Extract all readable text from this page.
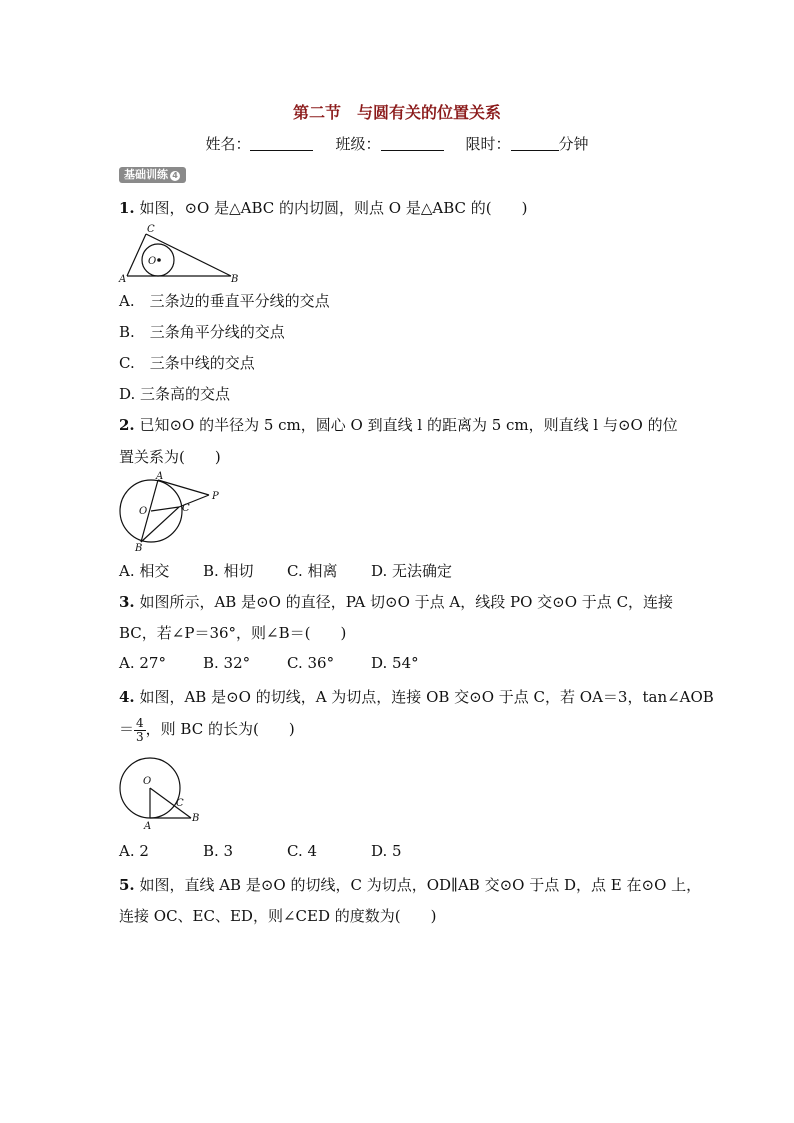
第二节　与圆有关的位置关系
姓名：	班级：	限时：	分钟
基础训练 4
1. 如图，⊙O 是△ABC 的内切圆，则点 O 是△ABC 的(　　)
C
O
A	B
A.　三条边的垂直平分线的交点
B.　三条角平分线的交点
C.　三条中线的交点
D. 三条高的交点
2. 已知⊙O 的半径为 5 cm，圆心 O 到直线 l 的距离为 5 cm，则直线 l 与⊙O 的位
置关系为(　　)
A
P
O	C
B
A. 相交 B. 相切 C. 相离 D. 无法确定
3. 如图所示，AB 是⊙O 的直径，PA 切⊙O 于点 A，线段 PO 交⊙O 于点 C，连接
BC，若∠P＝36°，则∠B＝(　　)
A. 27° B. 32° C. 36° D. 54°
4. 如图，AB 是⊙O 的切线，A 为切点，连接 OB 交⊙O 于点 C，若 OA＝3，tan∠AOB
＝ $\frac{4}{3}$ ，则 BC 的长为(　　)
O
C
A
B
A. 2	B. 3	C. 4	D. 5
5. 如图，直线 AB 是⊙O 的切线，C 为切点，OD∥AB 交⊙O 于点 D，点 E 在⊙O 上，
连接 OC、EC、ED，则∠CED 的度数为(　　)
